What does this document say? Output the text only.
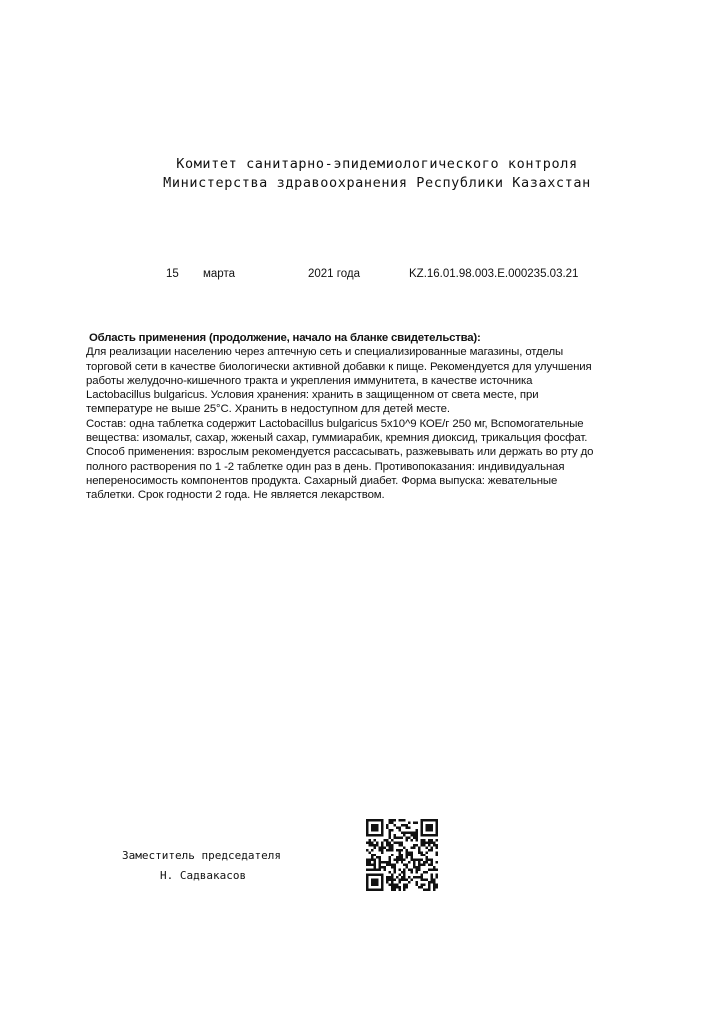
Комитет санитарно-эпидемиологического контроля
Министерства здравоохранения Республики Казахстан
15 марта	2021 года	KZ.16.01.98.003.E.000235.03.21
Область применения (продолжение, начало на бланке свидетельства):
Для реализации населению через аптечную сеть и специализированные магазины, отделы
торговой сети в качестве биологически активной добавки к пище. Рекомендуется для улучшения
работы желудочно-кишечного тракта и укрепления иммунитета, в качестве источника
Lactobacillus bulgaricus. Условия хранения: хранить в защищенном от света месте, при
температуре не выше 25°С. Хранить в недоступном для детей месте.
Состав: одна таблетка содержит Lactobacillus bulgaricus 5х10^9 КОЕ/г 250 мг, Вспомогательные
вещества: изомальт, сахар, жженый сахар, гуммиарабик, кремния диоксид, трикальция фосфат.
Способ применения: взрослым рекомендуется рассасывать, разжевывать или держать во рту до
полного растворения по 1 -2 таблетке один раз в день. Противопоказания: индивидуальная
непереносимость компонентов продукта. Сахарный диабет. Форма выпуска: жевательные
таблетки. Срок годности 2 года. Не является лекарством.
Заместитель председателя
Н. Садвакасов
